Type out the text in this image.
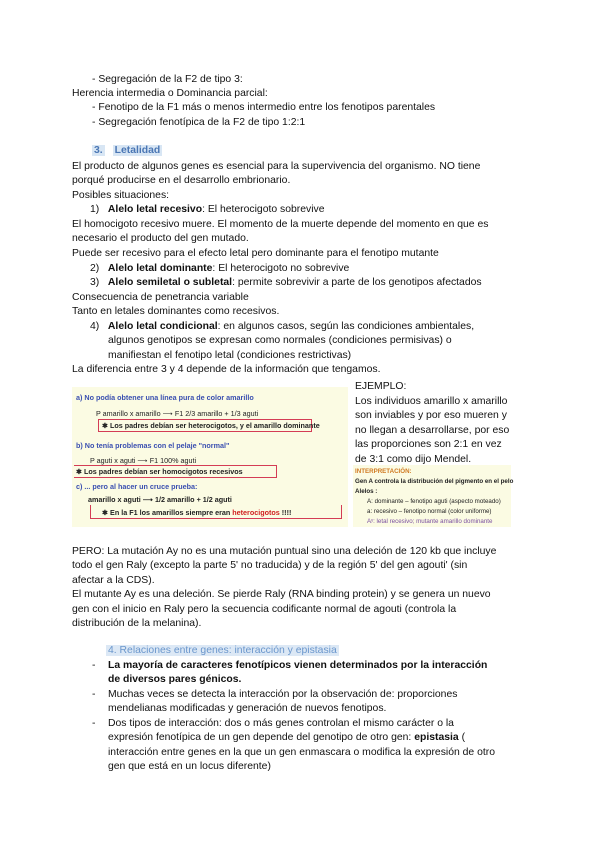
- Segregación de la F2 de tipo 3:
Herencia intermedia o Dominancia parcial:
- Fenotipo de la F1 más o menos intermedio entre los fenotipos parentales
- Segregación fenotípica de la F2 de tipo 1:2:1
3. Letalidad
El producto de algunos genes es esencial para la supervivencia del organismo. NO tiene
porqué producirse en el desarrollo embrionario.
Posibles situaciones:
1) Alelo letal recesivo: El heterocigoto sobrevive
El homocigoto recesivo muere. El momento de la muerte depende del momento en que es
necesario el producto del gen mutado.
Puede ser recesivo para el efecto letal pero dominante para el fenotipo mutante
2) Alelo letal dominante: El heterocigoto no sobrevive
3) Alelo semiletal o subletal: permite sobrevivir a parte de los genotipos afectados
Consecuencia de penetrancia variable
Tanto en letales dominantes como recesivos.
4) Alelo letal condicional: en algunos casos, según las condiciones ambientales,
algunos genotipos se expresan como normales (condiciones permisivas) o
manifiestan el fenotipo letal (condiciones restrictivas)
La diferencia entre 3 y 4 depende de la información que tengamos.
a) No podía obtener una línea pura de color amarillo
P amarillo x amarillo ⟶ F1 2/3 amarillo + 1/3 aguti
✱ Los padres debían ser heterocigotos, y el amarillo dominante
b) No tenía problemas con el pelaje "normal"
P aguti x aguti ⟶ F1 100% aguti
✱ Los padres debían ser homocigotos recesivos
c) ... pero al hacer un cruce prueba:
amarillo x aguti ⟶ 1/2 amarillo + 1/2 aguti
✱ En la F1 los amarillos siempre eran heterocigotos !!!!
EJEMPLO:
Los individuos amarillo x amarillo
son inviables y por eso mueren y
no llegan a desarrollarse, por eso
las proporciones son 2:1 en vez
de 3:1 como dijo Mendel.
INTERPRETACIÓN:
Gen A controla la distribución del pigmento en el pelo
Alelos :
A: dominante – fenotipo aguti (aspecto moteado)
a: recesivo – fenotipo normal (color uniforme)
Aʸ: letal recesivo; mutante amarillo dominante
PERO: La mutación Ay no es una mutación puntual sino una deleción de 120 kb que incluye
todo el gen Raly (excepto la parte 5' no traducida) y de la región 5' del gen agouti' (sin
afectar a la CDS).
El mutante Ay es una deleción. Se pierde Raly (RNA binding protein) y se genera un nuevo
gen con el inicio en Raly pero la secuencia codificante normal de agouti (controla la
distribución de la melanina).
4. Relaciones entre genes: interacción y epistasia
- La mayoría de caracteres fenotípicos vienen determinados por la interacción
de diversos pares génicos.
- Muchas veces se detecta la interacción por la observación de: proporciones
mendelianas modificadas y generación de nuevos fenotipos.
- Dos tipos de interacción: dos o más genes controlan el mismo carácter o la
expresión fenotípica de un gen depende del genotipo de otro gen: epistasia (
interacción entre genes en la que un gen enmascara o modifica la expresión de otro
gen que está en un locus diferente)
